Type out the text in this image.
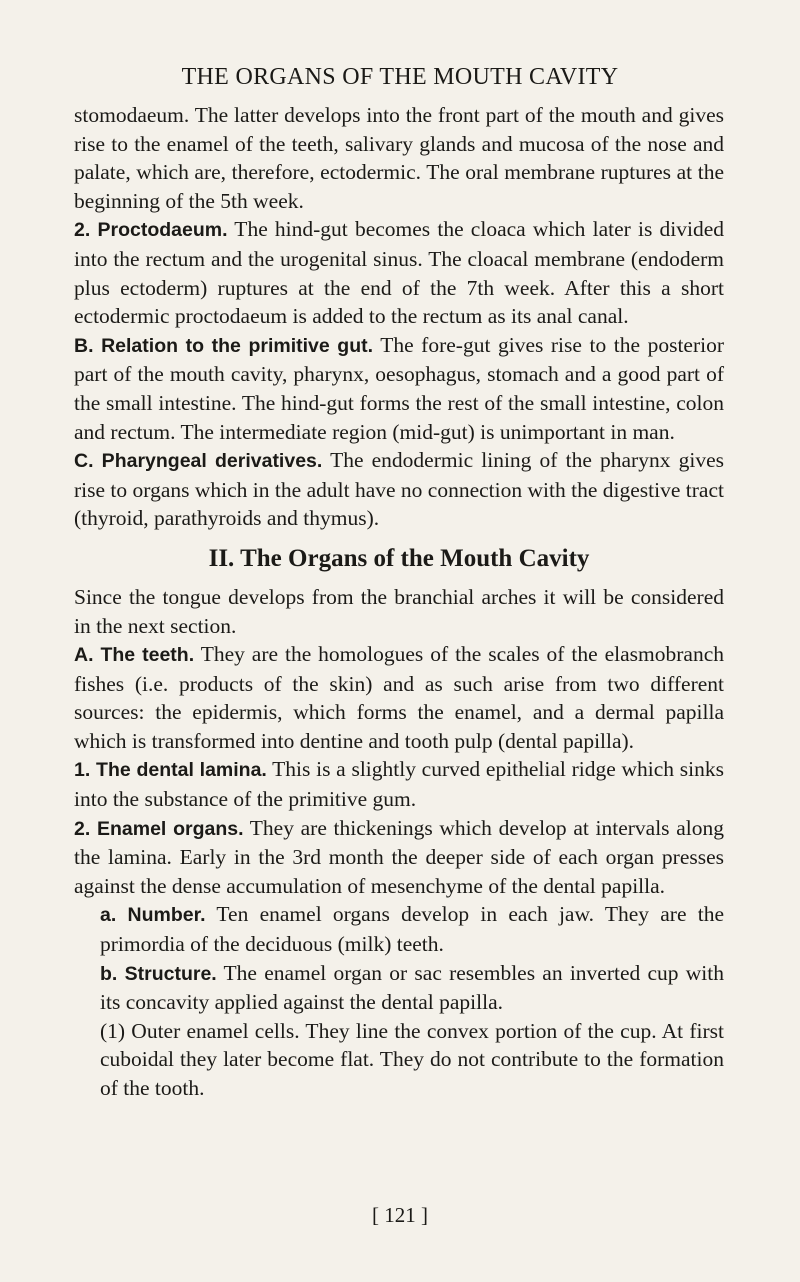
THE ORGANS OF THE MOUTH CAVITY

stomodaeum. The latter develops into the front part of the mouth and gives rise to the enamel of the teeth, salivary glands and mucosa of the nose and palate, which are, therefore, ectodermic. The oral membrane ruptures at the beginning of the 5th week.

2. Proctodaeum. The hind-gut becomes the cloaca which later is divided into the rectum and the urogenital sinus. The cloacal membrane (endoderm plus ectoderm) ruptures at the end of the 7th week. After this a short ectodermic proctodaeum is added to the rectum as its anal canal.

B. Relation to the primitive gut. The fore-gut gives rise to the posterior part of the mouth cavity, pharynx, oesophagus, stomach and a good part of the small intestine. The hind-gut forms the rest of the small intestine, colon and rectum. The intermediate region (mid-gut) is unimportant in man.

C. Pharyngeal derivatives. The endodermic lining of the pharynx gives rise to organs which in the adult have no connection with the digestive tract (thyroid, parathyroids and thymus).

II. The Organs of the Mouth Cavity

Since the tongue develops from the branchial arches it will be considered in the next section.

A. The teeth. They are the homologues of the scales of the elasmobranch fishes (i.e. products of the skin) and as such arise from two different sources: the epidermis, which forms the enamel, and a dermal papilla which is transformed into dentine and tooth pulp (dental papilla).

1. The dental lamina. This is a slightly curved epithelial ridge which sinks into the substance of the primitive gum.

2. Enamel organs. They are thickenings which develop at intervals along the lamina. Early in the 3rd month the deeper side of each organ presses against the dense accumulation of mesenchyme of the dental papilla.

a. Number. Ten enamel organs develop in each jaw. They are the primordia of the deciduous (milk) teeth.

b. Structure. The enamel organ or sac resembles an inverted cup with its concavity applied against the dental papilla.

(1) Outer enamel cells. They line the convex portion of the cup. At first cuboidal they later become flat. They do not contribute to the formation of the tooth.

[ 121 ]
